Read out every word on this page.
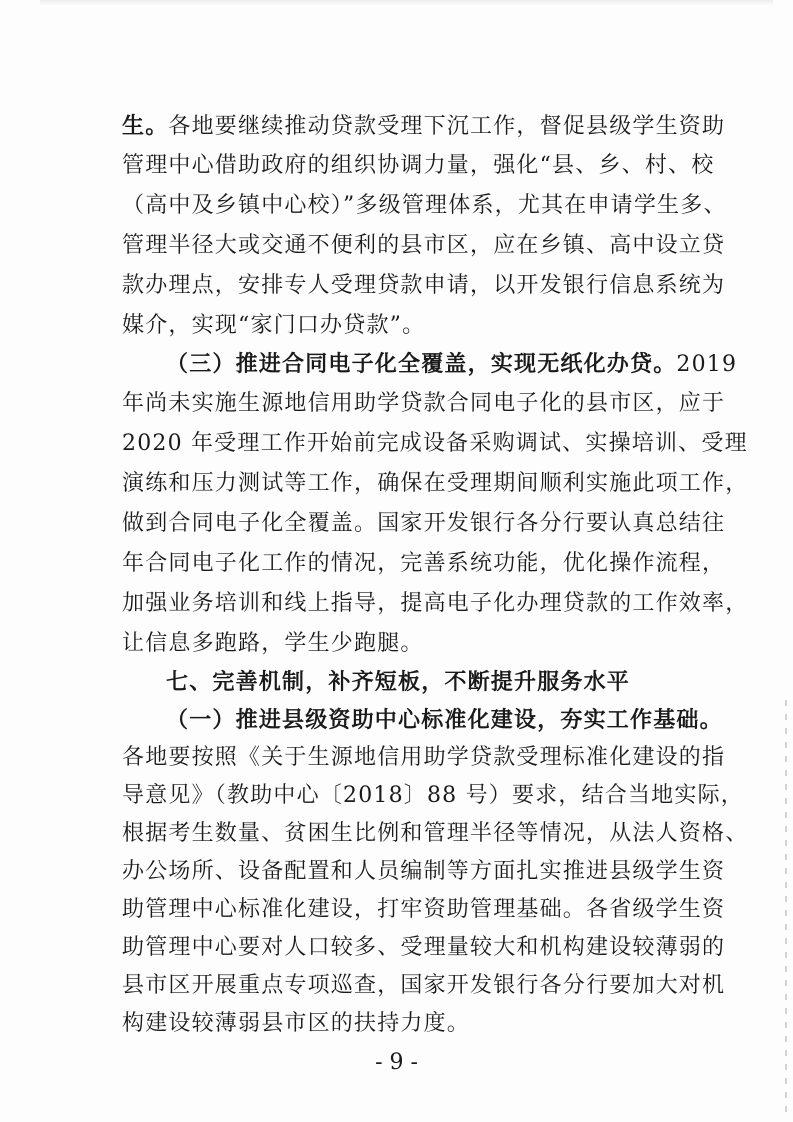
生。各地要继续推动贷款受理下沉工作，督促县级学生资助
管理中心借助政府的组织协调力量，强化“县、乡、村、校
（高中及乡镇中心校）”多级管理体系，尤其在申请学生多、
管理半径大或交通不便利的县市区，应在乡镇、高中设立贷
款办理点，安排专人受理贷款申请，以开发银行信息系统为
媒介，实现“家门口办贷款”。
（三）推进合同电子化全覆盖，实现无纸化办贷。2019
年尚未实施生源地信用助学贷款合同电子化的县市区，应于
2020 年受理工作开始前完成设备采购调试、实操培训、受理
演练和压力测试等工作，确保在受理期间顺利实施此项工作，
做到合同电子化全覆盖。国家开发银行各分行要认真总结往
年合同电子化工作的情况，完善系统功能，优化操作流程，
加强业务培训和线上指导，提高电子化办理贷款的工作效率，
让信息多跑路，学生少跑腿。
七、完善机制，补齐短板，不断提升服务水平
（一）推进县级资助中心标准化建设，夯实工作基础。
各地要按照《关于生源地信用助学贷款受理标准化建设的指
导意见》（教助中心〔2018〕88 号）要求，结合当地实际，
根据考生数量、贫困生比例和管理半径等情况，从法人资格、
办公场所、设备配置和人员编制等方面扎实推进县级学生资
助管理中心标准化建设，打牢资助管理基础。各省级学生资
助管理中心要对人口较多、受理量较大和机构建设较薄弱的
县市区开展重点专项巡查，国家开发银行各分行要加大对机
构建设较薄弱县市区的扶持力度。
- 9 -
